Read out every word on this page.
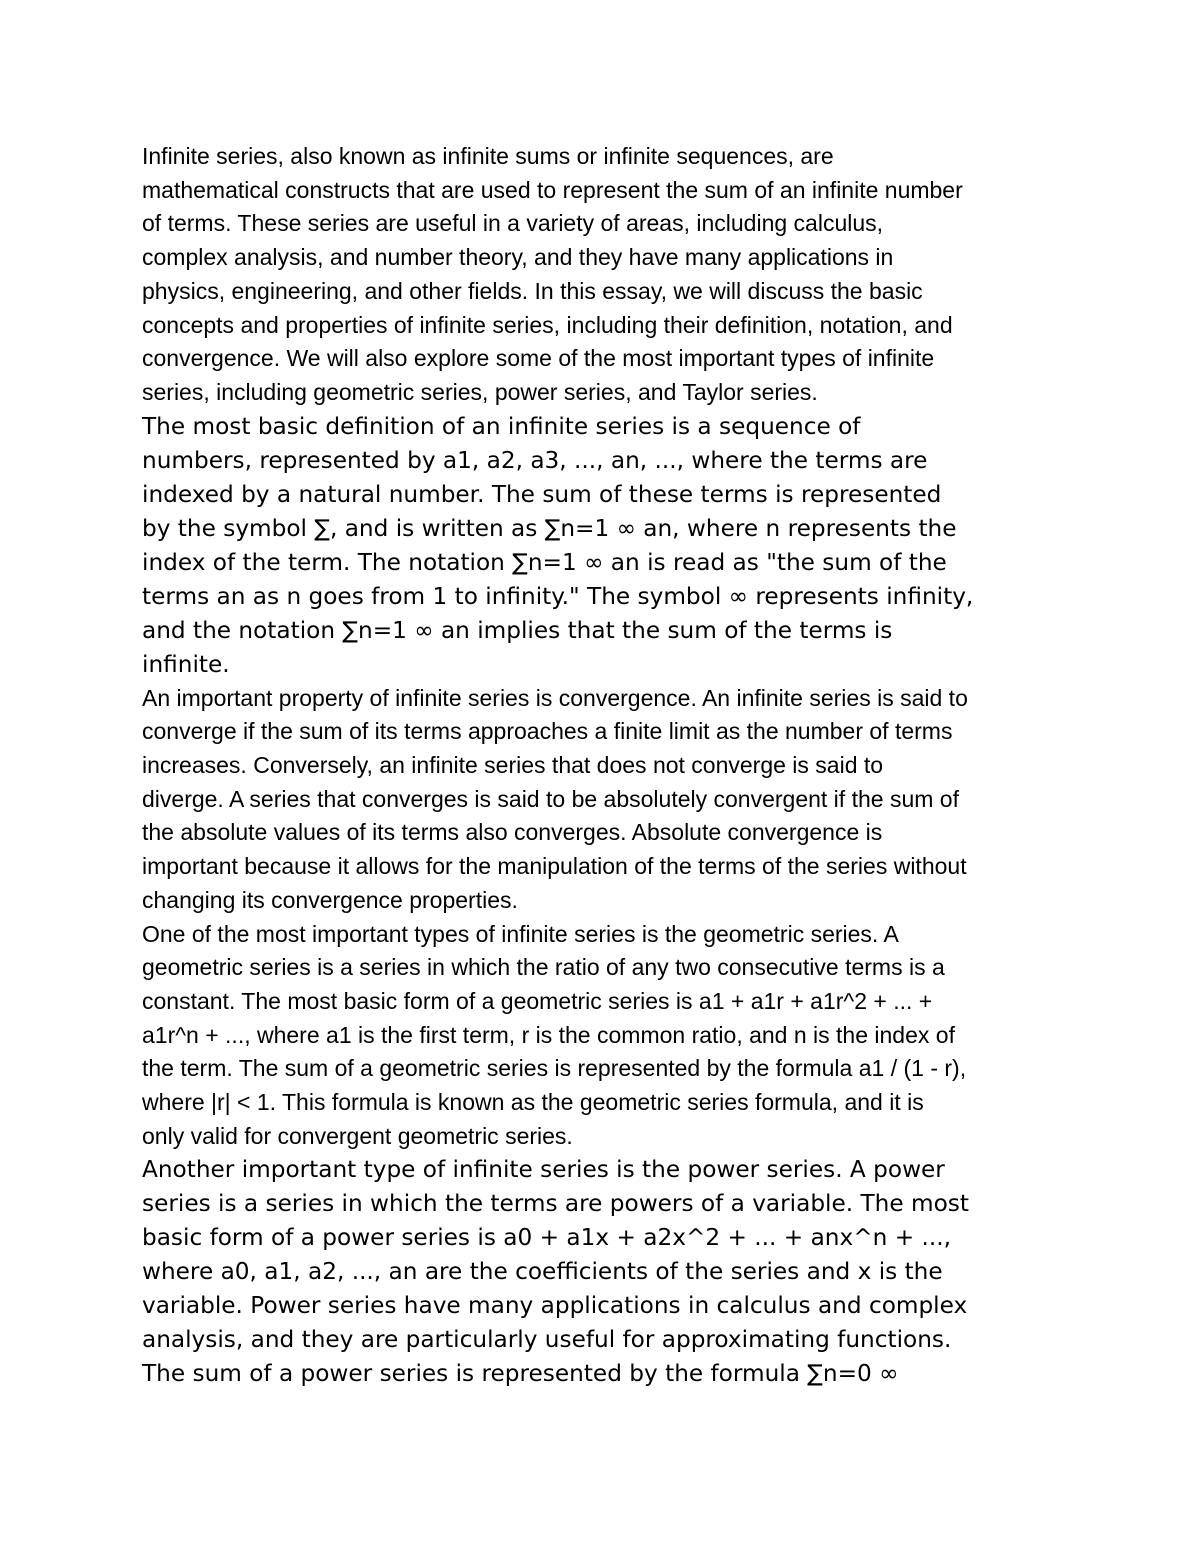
Infinite series, also known as infinite sums or infinite sequences, are
mathematical constructs that are used to represent the sum of an infinite number
of terms. These series are useful in a variety of areas, including calculus,
complex analysis, and number theory, and they have many applications in
physics, engineering, and other fields. In this essay, we will discuss the basic
concepts and properties of infinite series, including their definition, notation, and
convergence. We will also explore some of the most important types of infinite
series, including geometric series, power series, and Taylor series.
The most basic definition of an infinite series is a sequence of
numbers, represented by a1, a2, a3, ..., an, ..., where the terms are
indexed by a natural number. The sum of these terms is represented
by the symbol ∑, and is written as ∑n=1 ∞ an, where n represents the
index of the term. The notation ∑n=1 ∞ an is read as "the sum of the
terms an as n goes from 1 to infinity." The symbol ∞ represents infinity,
and the notation ∑n=1 ∞ an implies that the sum of the terms is
infinite.
An important property of infinite series is convergence. An infinite series is said to
converge if the sum of its terms approaches a finite limit as the number of terms
increases. Conversely, an infinite series that does not converge is said to
diverge. A series that converges is said to be absolutely convergent if the sum of
the absolute values of its terms also converges. Absolute convergence is
important because it allows for the manipulation of the terms of the series without
changing its convergence properties.
One of the most important types of infinite series is the geometric series. A
geometric series is a series in which the ratio of any two consecutive terms is a
constant. The most basic form of a geometric series is a1 + a1r + a1r^2 + ... +
a1r^n + ..., where a1 is the first term, r is the common ratio, and n is the index of
the term. The sum of a geometric series is represented by the formula a1 / (1 - r),
where |r| < 1. This formula is known as the geometric series formula, and it is
only valid for convergent geometric series.
Another important type of infinite series is the power series. A power
series is a series in which the terms are powers of a variable. The most
basic form of a power series is a0 + a1x + a2x^2 + ... + anx^n + ...,
where a0, a1, a2, ..., an are the coefficients of the series and x is the
variable. Power series have many applications in calculus and complex
analysis, and they are particularly useful for approximating functions.
The sum of a power series is represented by the formula ∑n=0 ∞
